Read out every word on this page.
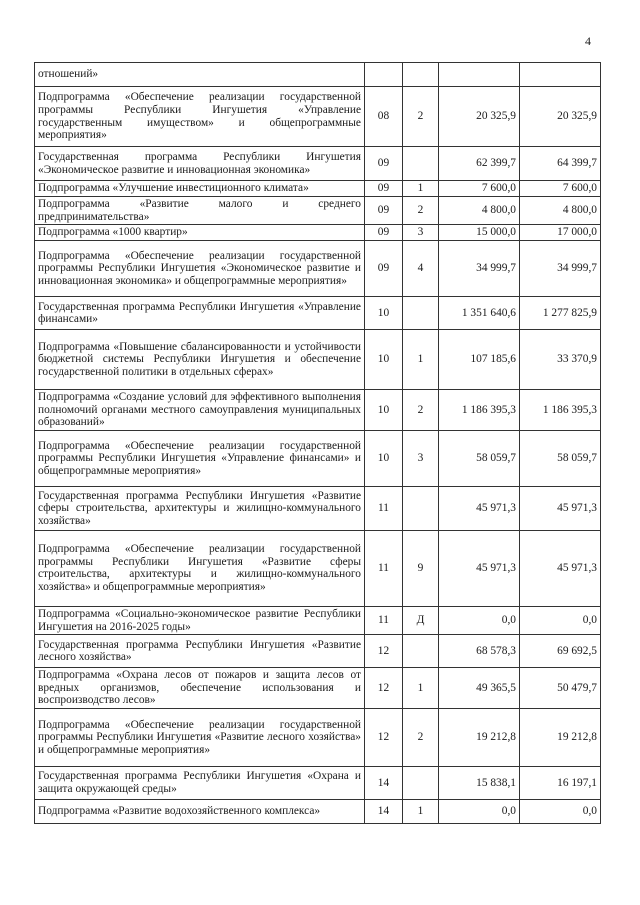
4
отношений»				
Подпрограмма «Обеспечение реализации государственной программы Республики Ингушетия «Управление государственным имуществом» и общепрограммные мероприятия»	08	2	20 325,9	20 325,9
Государственная программа Республики Ингушетия «Экономическое развитие и инновационная экономика»	09		62 399,7	64 399,7
Подпрограмма «Улучшение инвестиционного климата»	09	1	7 600,0	7 600,0
Подпрограмма «Развитие малого и среднего предпринимательства»	09	2	4 800,0	4 800,0
Подпрограмма «1000 квартир»	09	3	15 000,0	17 000,0
Подпрограмма «Обеспечение реализации государственной программы Республики Ингушетия «Экономическое развитие и инновационная экономика» и общепрограммные мероприятия»	09	4	34 999,7	34 999,7
Государственная программа Республики Ингушетия «Управление финансами»	10		1 351 640,6	1 277 825,9
Подпрограмма «Повышение сбалансированности и устойчивости бюджетной системы Республики Ингушетия и обеспечение государственной политики в отдельных сферах»	10	1	107 185,6	33 370,9
Подпрограмма «Создание условий для эффективного выполнения полномочий органами местного самоуправления муниципальных образований»	10	2	1 186 395,3	1 186 395,3
Подпрограмма «Обеспечение реализации государственной программы Республики Ингушетия «Управление финансами» и общепрограммные мероприятия»	10	3	58 059,7	58 059,7
Государственная программа Республики Ингушетия «Развитие сферы строительства, архитектуры и жилищно-коммунального хозяйства»	11		45 971,3	45 971,3
Подпрограмма «Обеспечение реализации государственной программы Республики Ингушетия «Развитие сферы строительства, архитектуры и жилищно-коммунального хозяйства» и общепрограммные мероприятия»	11	9	45 971,3	45 971,3
Подпрограмма «Социально-экономическое развитие Республики Ингушетия на 2016-2025 годы»	11	Д	0,0	0,0
Государственная программа Республики Ингушетия «Развитие лесного хозяйства»	12		68 578,3	69 692,5
Подпрограмма «Охрана лесов от пожаров и защита лесов от вредных организмов, обеспечение использования и воспроизводство лесов»	12	1	49 365,5	50 479,7
Подпрограмма «Обеспечение реализации государственной программы Республики Ингушетия «Развитие лесного хозяйства» и общепрограммные мероприятия»	12	2	19 212,8	19 212,8
Государственная программа Республики Ингушетия «Охрана и защита окружающей среды»	14		15 838,1	16 197,1
Подпрограмма «Развитие водохозяйственного комплекса»	14	1	0,0	0,0
